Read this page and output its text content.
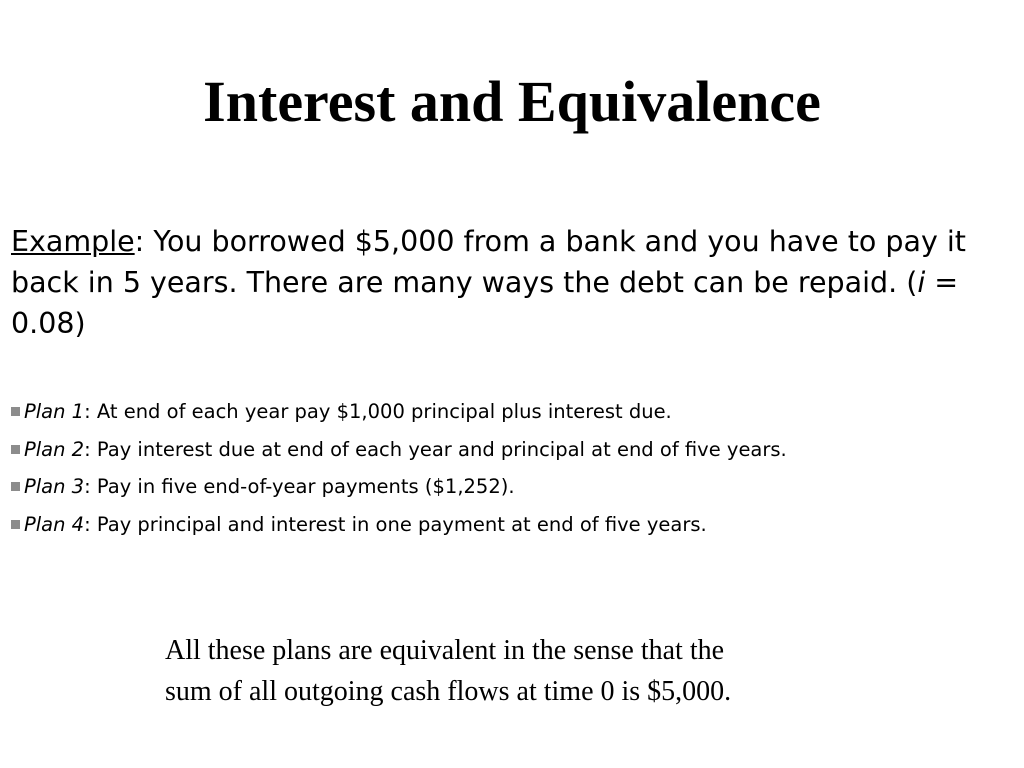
Interest and Equivalence

Example: You borrowed $5,000 from a bank and you have to pay it back in 5 years. There are many ways the debt can be repaid. (i = 0.08)

Plan 1: At end of each year pay $1,000 principal plus interest due.
Plan 2: Pay interest due at end of each year and principal at end of five years.
Plan 3: Pay in five end-of-year payments ($1,252).
Plan 4: Pay principal and interest in one payment at end of five years.

All these plans are equivalent in the sense that the
sum of all outgoing cash flows at time 0 is $5,000.
